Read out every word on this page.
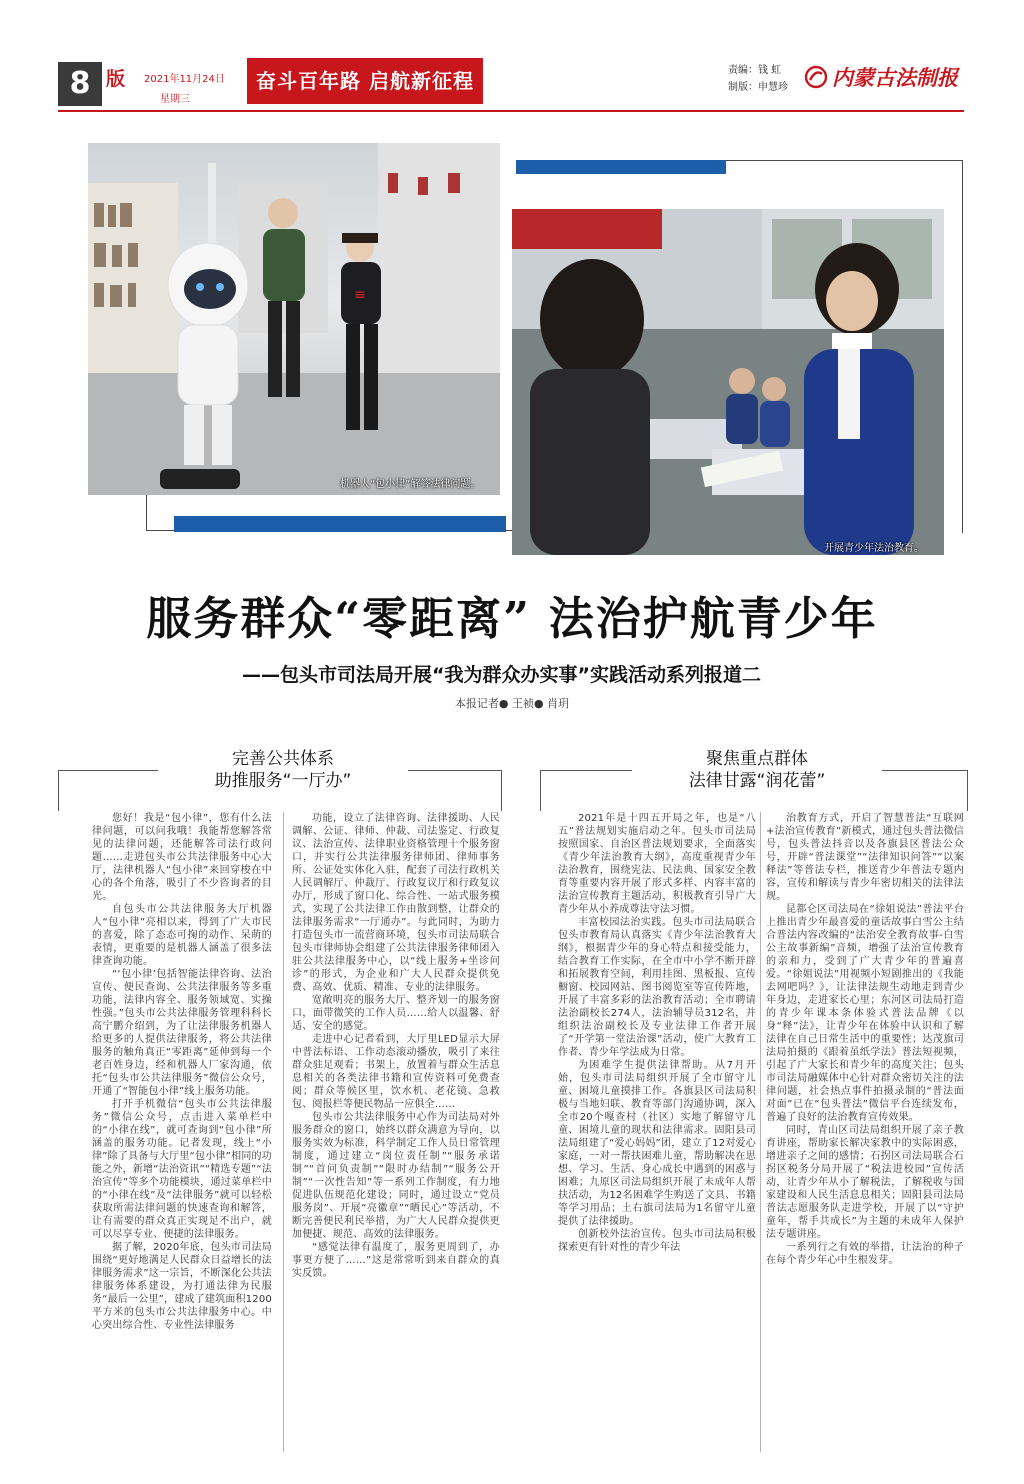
8 版 2021年11月24日
星期三
奋斗百年路 启航新征程	责编：钱 虹
制版：申慧珍 内蒙古法制报
≡
机器人“包小律”解答法律问题。
开展青少年法治教育。
服务群众“零距离” 法治护航青少年
——包头市司法局开展“我为群众办实事”实践活动系列报道二
本报记者● 王祯● 肖玥
完善公共体系
助推服务“一厅办”
聚焦重点群体
法律甘露“润花蕾”

您好！我是“包小律”，您有什么法律问题，可以问我哦！我能帮您解答常见的法律问题，还能解答司法行政问题……走进包头市公共法律服务中心大厅，法律机器人“包小律”来回穿梭在中心的各个角落，吸引了不少咨询者的目光。

自包头市公共法律服务大厅机器人“包小律”亮相以来，得到了广大市民的喜爱，除了态态可掬的动作、呆萌的表情，更重要的是机器人涵盖了很多法律查询功能。

“‘包小律’包括智能法律咨询、法治宣传、便民查询、公共法律服务等多重功能，法律内容全、服务领域宽、实操性强。”包头市公共法律服务管理科科长高宁鹏介绍到，为了让法律服务机器人给更多的人提供法律服务，将公共法律服务的触角真正“零距离”延伸到每一个老百姓身边，经和机器人厂家沟通，依托“包头市公共法律服务”微信公众号，开通了“智能包小律”线上服务功能。

打开手机微信“包头市公共法律服务”微信公众号，点击进入菜单栏中的“小律在线”，就可查询到“包小律”所涵盖的服务功能。记者发现，线上“小律”除了具备与大厅里“包小律”相同的功能之外，新增“法治资讯”“精选专题”“法治宣传”等多个功能模块，通过菜单栏中的“小律在线”及“法律服务”就可以轻松获取所需法律问题的快速查询和解答，让有需要的群众真正实现足不出户，就可以尽享专业、便捷的法律服务。

据了解，2020年底，包头市司法局围绕“更好地满足人民群众日益增长的法律服务需求”这一宗旨，不断深化公共法律服务体系建设，为打通法律为民服务“最后一公里”，建成了建筑面积1200平方米的包头市公共法律服务中心。中心突出综合性、专业性法律服务

功能，设立了法律咨询、法律援助、人民调解、公证、律师、仲裁、司法鉴定、行政复议、法治宣传、法律职业资格管理十个服务窗口，并实行公共法律服务律师团、律师事务所、公证处实体化入驻，配套了司法行政机关人民调解厅、仲裁厅、行政复议厅和行政复议办厅，形成了窗口化、综合性、一站式服务模式，实现了公共法律工作由散到整，让群众的法律服务需求“一厅通办”。与此同时，为助力打造包头市一流营商环境，包头市司法局联合包头市律师协会组建了公共法律服务律师团入驻公共法律服务中心，以“线上服务+坐诊问诊”的形式，为企业和广大人民群众提供免费、高效、优质、精准、专业的法律服务。

宽敞明亮的服务大厅、整齐划一的服务窗口，面带微笑的工作人员……给人以温馨、舒适、安全的感觉。

走进中心记者看到，大厅里LED显示大屏中普法标语、工作动态滚动播放，吸引了来往群众驻足观看；书架上，放置着与群众生活息息相关的各类法律书籍和宣传资料可免费查阅；群众等候区里，饮水机、老花镜、急救包、阅报栏等便民物品一应俱全……

包头市公共法律服务中心作为司法局对外服务群众的窗口，始终以群众满意为导向，以服务实效为标准，科学制定工作人员日常管理制度，通过建立“岗位责任制”“服务承诺制”“首问负责制”“限时办结制”“服务公开制”“一次性告知”等一系列工作制度，有力地促进队伍规范化建设；同时，通过设立“党员服务岗”、开展“亮徽章”“晒民心”等活动，不断完善便民利民举措，为广大人民群众提供更加便捷、规范、高效的法律服务。

“感觉法律有温度了，服务更周到了，办事更方便了……”这是常常听到来自群众的真实反馈。

2021年是十四五开局之年，也是“八五”普法规划实施启动之年。包头市司法局按照国家、自治区普法规划要求，全面落实《青少年法治教育大纲》，高度重视青少年法治教育，围绕宪法、民法典、国家安全教育等重要内容开展了形式多样、内容丰富的法治宣传教育主题活动，积极教育引导广大青少年从小养成尊法守法习惯。

丰富校园法治实践。包头市司法局联合包头市教育局认真落实《青少年法治教育大纲》，根据青少年的身心特点和接受能力，结合教育工作实际，在全市中小学不断开辟和拓展教育空间，利用挂图、黑板报、宣传橱窗、校园网站、图书阅览室等宣传阵地，开展了丰富多彩的法治教育活动；全市聘请法治副校长274人，法治辅导员312名，并组织法治副校长及专业法律工作者开展了“开学第一堂法治课”活动，使广大教育工作者、青少年学法成为日常。

为困难学生提供法律帮助。从7月开始，包头市司法局组织开展了全市留守儿童、困境儿童摸排工作。各旗县区司法局积极与当地妇联、教育等部门沟通协调，深入全市20个嘎查村（社区）实地了解留守儿童、困境儿童的现状和法律需求。固阳县司法局组建了“爱心妈妈”团，建立了12对爱心家庭，一对一帮扶困难儿童，帮助解决在思想、学习、生活、身心成长中遇到的困惑与困难；九原区司法局组织开展了未成年人帮扶活动，为12名困难学生购送了文具、书籍等学习用品；土右旗司法局为1名留守儿童提供了法律援助。

创新校外法治宣传。包头市司法局积极探索更有针对性的青少年法

治教育方式，开启了智慧普法“互联网+法治宣传教育”新模式，通过包头普法微信号，包头普法抖音以及各旗县区普法公众号，开辟“普法课堂”“法律知识问答”“以案释法”等普法专栏，推送青少年普法专题内容，宣传和解读与青少年密切相关的法律法规。

昆都仑区司法局在“徐姐说法”普法平台上推出青少年最喜爱的童话故事白雪公主结合普法内容改编的“法治安全教育故事-白雪公主故事新编”音频，增强了法治宣传教育的亲和力，受到了广大青少年的普遍喜爱。“徐姐说法”用视频小短剧推出的《我能去网吧吗？》，让法律法规生动地走到青少年身边，走进家长心里；东河区司法局打造的青少年课本条体验式普法品牌《以身“释”法》，让青少年在体验中认识和了解法律在自己日常生活中的重要性；达茂旗司法局拍摄的《跟着虽纸学法》普法短视频，引起了广大家长和青少年的高度关注；包头市司法局融媒体中心针对群众密切关注的法律问题，社会热点事件拍摄录制的“普法面对面”已在“包头普法”微信平台连续发布，普遍了良好的法治教育宣传效果。

同时，青山区司法局组织开展了亲子教育讲座，帮助家长解决家教中的实际困惑，增进亲子之间的感情；石拐区司法局联合石拐区税务分局开展了“税法进校园”宣传活动，让青少年从小了解税法，了解税收与国家建设和人民生活息息相关；固阳县司法局普法志愿服务队走进学校，开展了以“守护童年，帮手共成长”为主题的未成年人保护法专题讲座。

一系列行之有效的举措，让法治的种子在每个青少年心中生根发芽。
